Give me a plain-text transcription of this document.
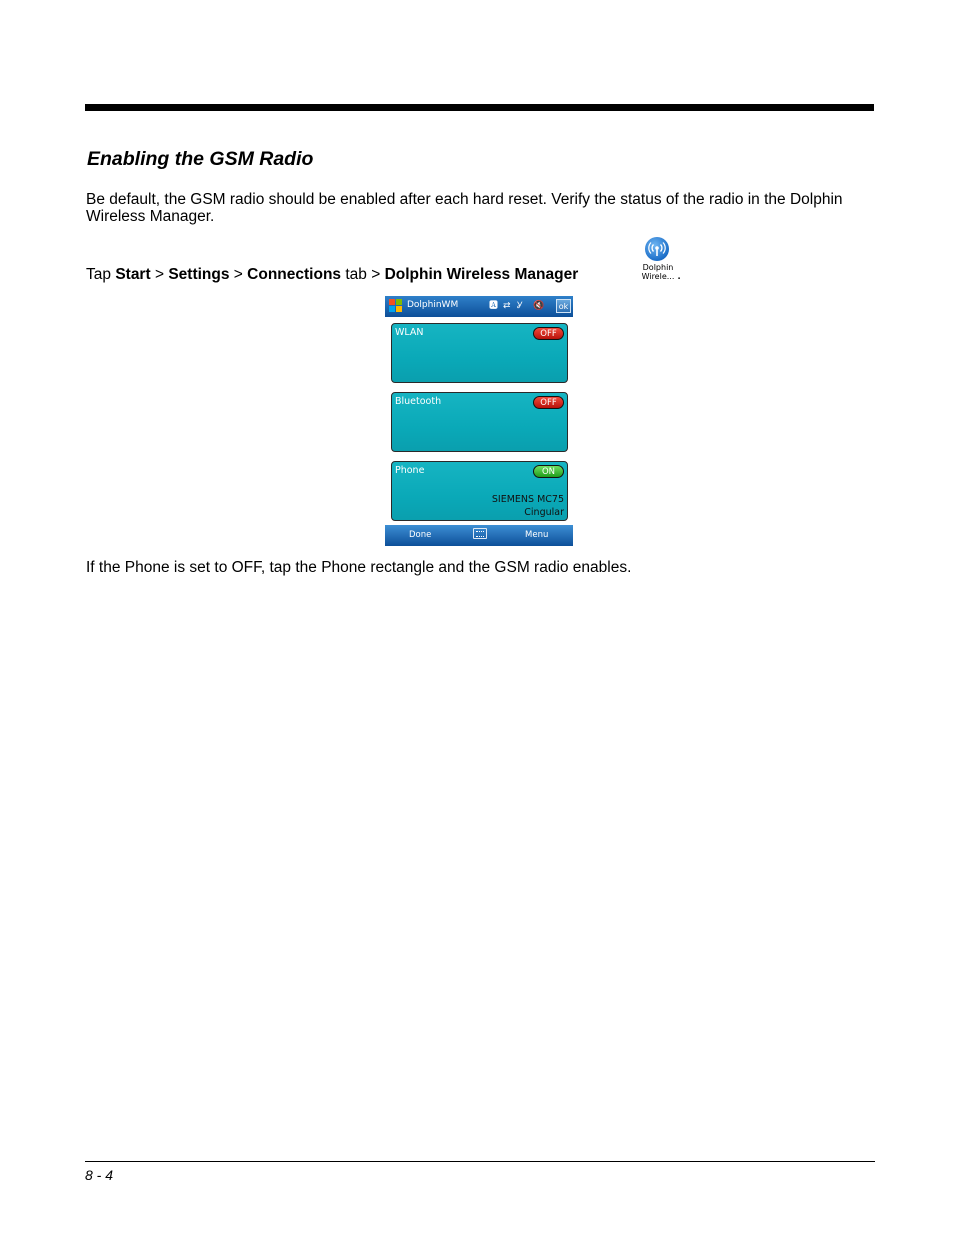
Enabling the GSM Radio

Be default, the GSM radio should be enabled after each hard reset. Verify the status of the radio in the Dolphin Wireless Manager.

Tap Start > Settings > Connections tab > Dolphin Wireless Manager	Dolphin
Wirele... .
DolphinWM	🅰 ⇄ Ỿ 🔇	ok
WLAN	OFF
Bluetooth	OFF
Phone	ON
SIEMENS MC75
Cingular
Done	Menu

If the Phone is set to OFF, tap the Phone rectangle and the GSM radio enables.

8 - 4
